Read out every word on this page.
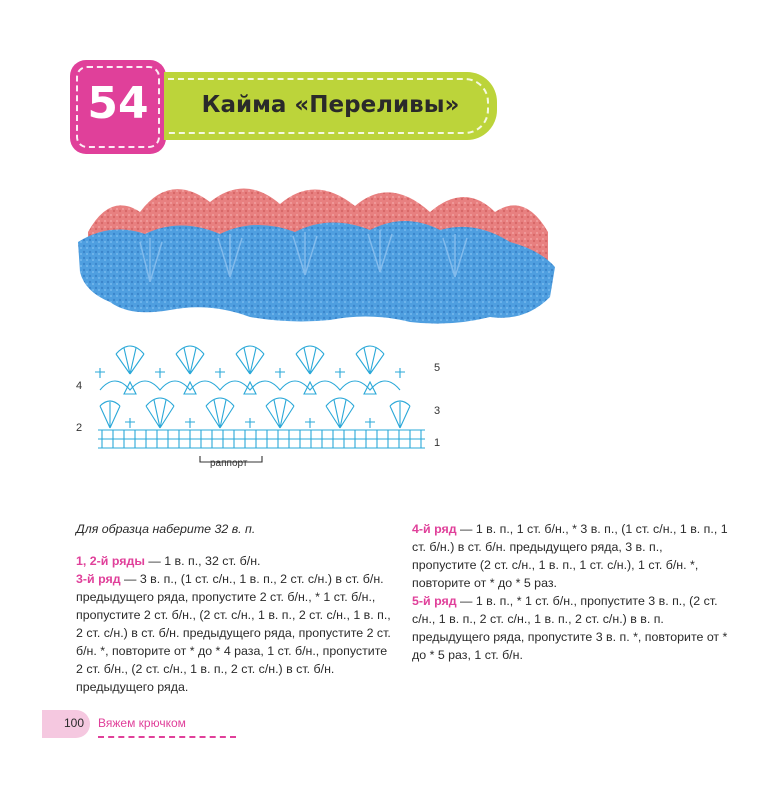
54	Кайма «Переливы»
4
2
5
3
1
раппорт

Для образца наберите 32 в. п.

1, 2-й ряды — 1 в. п., 32 ст. б/н.

3-й ряд — 3 в. п., (1 ст. с/н., 1 в. п., 2 ст. с/н.) в ст. б/н. предыдущего ряда, пропустите 2 ст. б/н., * 1 ст. б/н., пропустите 2 ст. б/н., (2 ст. с/н., 1 в. п., 2 ст. с/н., 1 в. п., 2 ст. с/н.) в ст. б/н. предыдущего ряда, пропустите 2 ст. б/н. *, повторите от * до * 4 раза, 1 ст. б/н., пропустите 2 ст. б/н., (2 ст. с/н., 1 в. п., 2 ст. с/н.) в ст. б/н. предыдущего ряда.

4-й ряд — 1 в. п., 1 ст. б/н., * 3 в. п., (1 ст. с/н., 1 в. п., 1 ст. б/н.) в ст. б/н. предыдущего ряда, 3 в. п., пропустите (2 ст. с/н., 1 в. п., 1 ст. с/н.), 1 ст. б/н. *, повторите от * до * 5 раз.

5-й ряд — 1 в. п., * 1 ст. б/н., пропустите 3 в. п., (2 ст. с/н., 1 в. п., 2 ст. с/н., 1 в. п., 2 ст. с/н.) в в. п. предыдущего ряда, пропустите 3 в. п. *, повторите от * до * 5 раз, 1 ст. б/н.

100 Вяжем крючком
